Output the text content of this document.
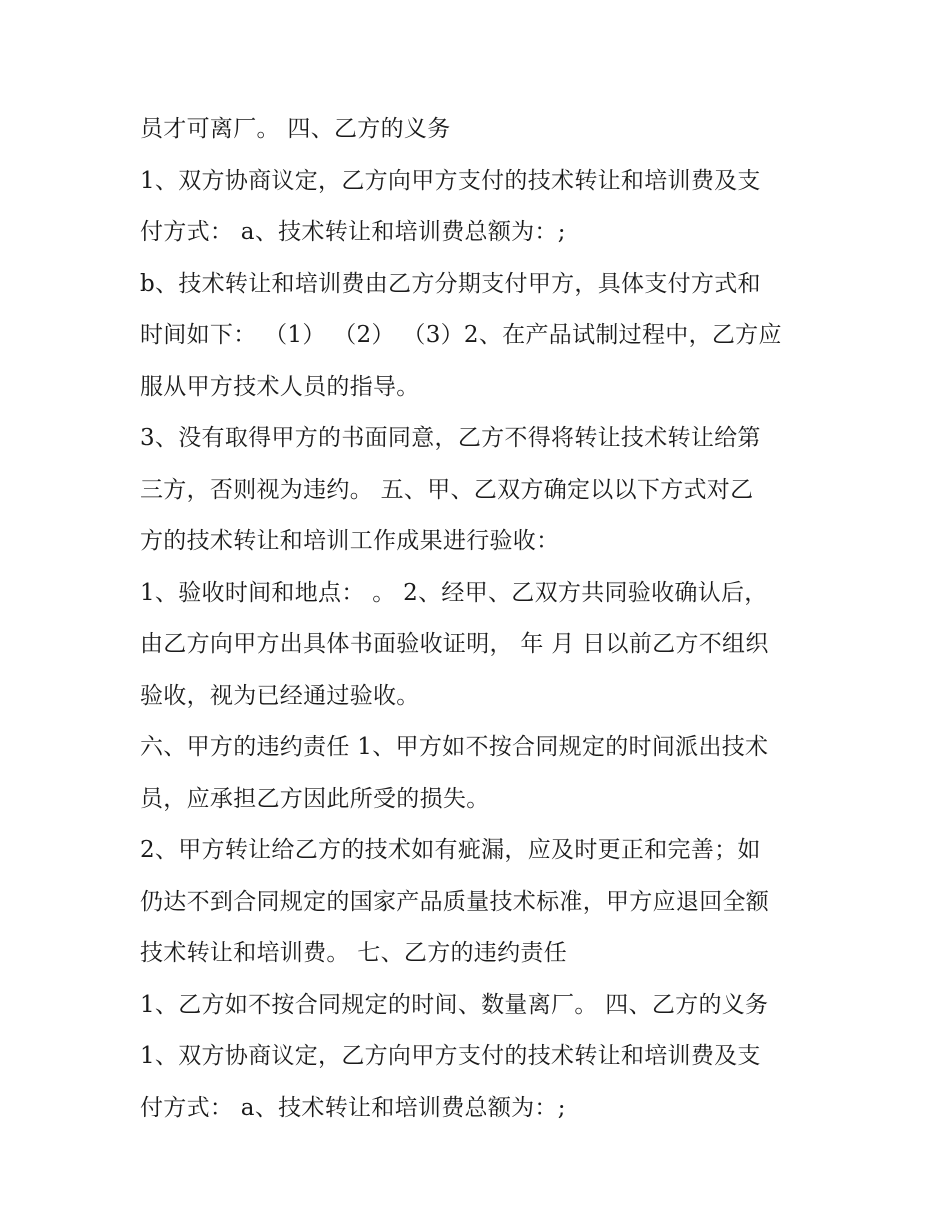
员才可离厂。 四、乙方的义务
1、双方协商议定，乙方向甲方支付的技术转让和培训费及支
付方式： a、技术转让和培训费总额为：;
b、技术转让和培训费由乙方分期支付甲方，具体支付方式和
时间如下： （1） （2） （3）2、在产品试制过程中，乙方应
服从甲方技术人员的指导。
3、没有取得甲方的书面同意，乙方不得将转让技术转让给第
三方，否则视为违约。 五、甲、乙双方确定以以下方式对乙
方的技术转让和培训工作成果进行验收：
1、验收时间和地点： 。 2、经甲、乙双方共同验收确认后，
由乙方向甲方出具体书面验收证明， 年 月 日以前乙方不组织
验收，视为已经通过验收。
六、甲方的违约责任 1、甲方如不按合同规定的时间派出技术
员，应承担乙方因此所受的损失。
2、甲方转让给乙方的技术如有疵漏，应及时更正和完善；如
仍达不到合同规定的国家产品质量技术标准，甲方应退回全额
技术转让和培训费。 七、乙方的违约责任
1、乙方如不按合同规定的时间、数量离厂。 四、乙方的义务
1、双方协商议定，乙方向甲方支付的技术转让和培训费及支
付方式： a、技术转让和培训费总额为：;
